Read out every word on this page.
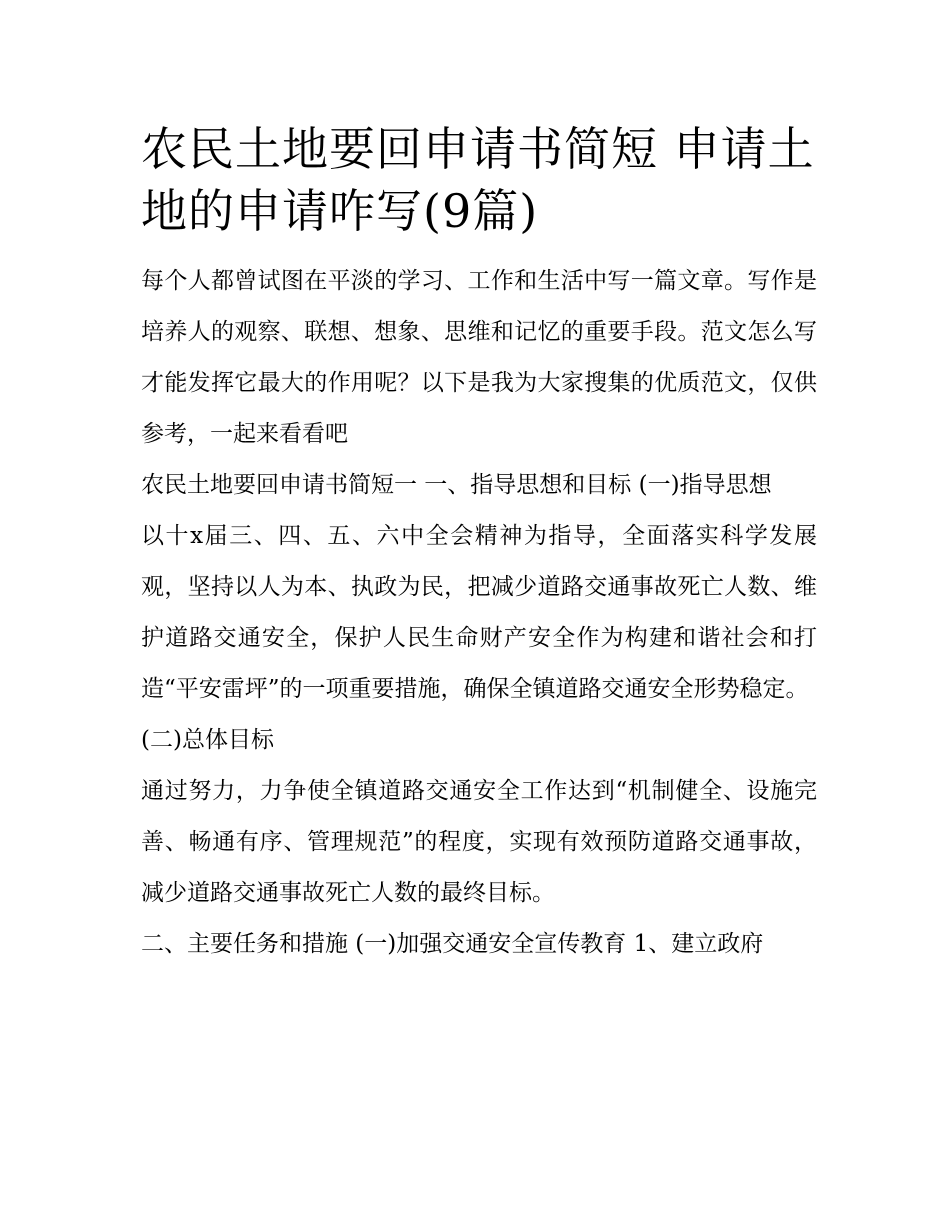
农民土地要回申请书简短 申请土地的申请咋写(9篇)

每个人都曾试图在平淡的学习、工作和生活中写一篇文章。写作是培养人的观察、联想、想象、思维和记忆的重要手段。范文怎么写才能发挥它最大的作用呢？以下是我为大家搜集的优质范文，仅供参考，一起来看看吧

农民土地要回申请书简短一 一、指导思想和目标 (一)指导思想

以十x届三、四、五、六中全会精神为指导，全面落实科学发展观，坚持以人为本、执政为民，把减少道路交通事故死亡人数、维护道路交通安全，保护人民生命财产安全作为构建和谐社会和打造“平安雷坪”的一项重要措施，确保全镇道路交通安全形势稳定。

(二)总体目标

通过努力，力争使全镇道路交通安全工作达到“机制健全、设施完善、畅通有序、管理规范”的程度，实现有效预防道路交通事故，减少道路交通事故死亡人数的最终目标。

二、主要任务和措施 (一)加强交通安全宣传教育 1、建立政府
